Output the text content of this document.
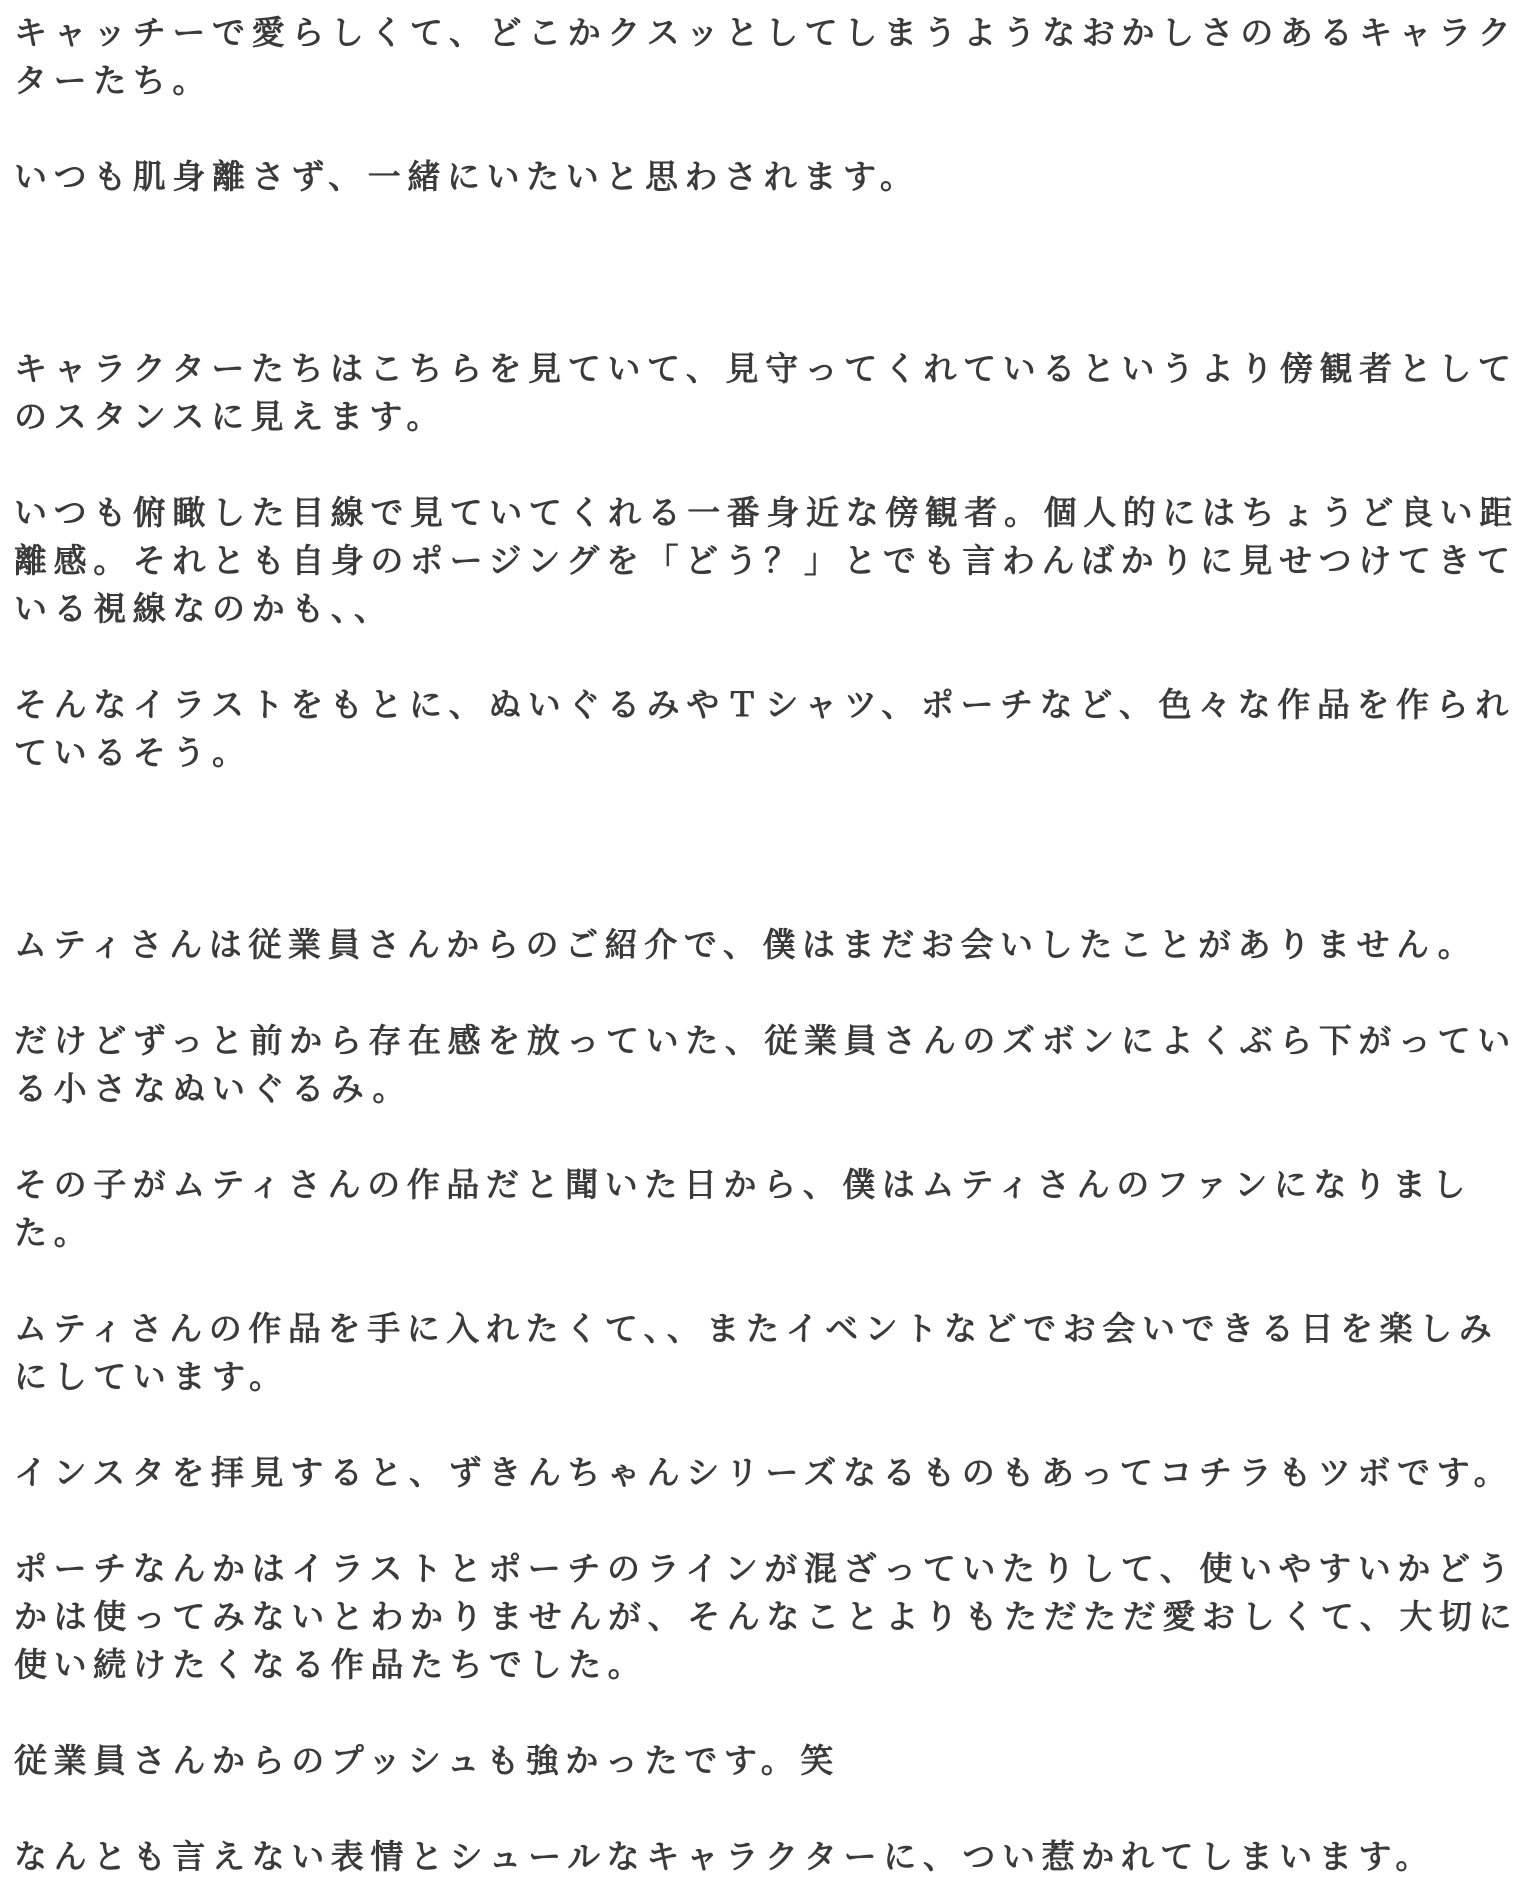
キャッチーで愛らしくて、どこかクスッとしてしまうようなおかしさのあるキャラクターたち。

いつも肌身離さず、一緒にいたいと思わされます。

キャラクターたちはこちらを見ていて、見守ってくれているというより傍観者としてのスタンスに見えます。

いつも俯瞰した目線で見ていてくれる一番身近な傍観者。個人的にはちょうど良い距離感。それとも自身のポージングを「どう？」とでも言わんばかりに見せつけてきている視線なのかも、、

そんなイラストをもとに、ぬいぐるみやＴシャツ、ポーチなど、色々な作品を作られているそう。

ムティさんは従業員さんからのご紹介で、僕はまだお会いしたことがありません。

だけどずっと前から存在感を放っていた、従業員さんのズボンによくぶら下がっている小さなぬいぐるみ。

その子がムティさんの作品だと聞いた日から、僕はムティさんのファンになりました。

ムティさんの作品を手に入れたくて、、またイベントなどでお会いできる日を楽しみにしています。

インスタを拝見すると、ずきんちゃんシリーズなるものもあってコチラもツボです。

ポーチなんかはイラストとポーチのラインが混ざっていたりして、使いやすいかどうかは使ってみないとわかりませんが、そんなことよりもただただ愛おしくて、大切に使い続けたくなる作品たちでした。

従業員さんからのプッシュも強かったです。笑

なんとも言えない表情とシュールなキャラクターに、つい惹かれてしまいます。
